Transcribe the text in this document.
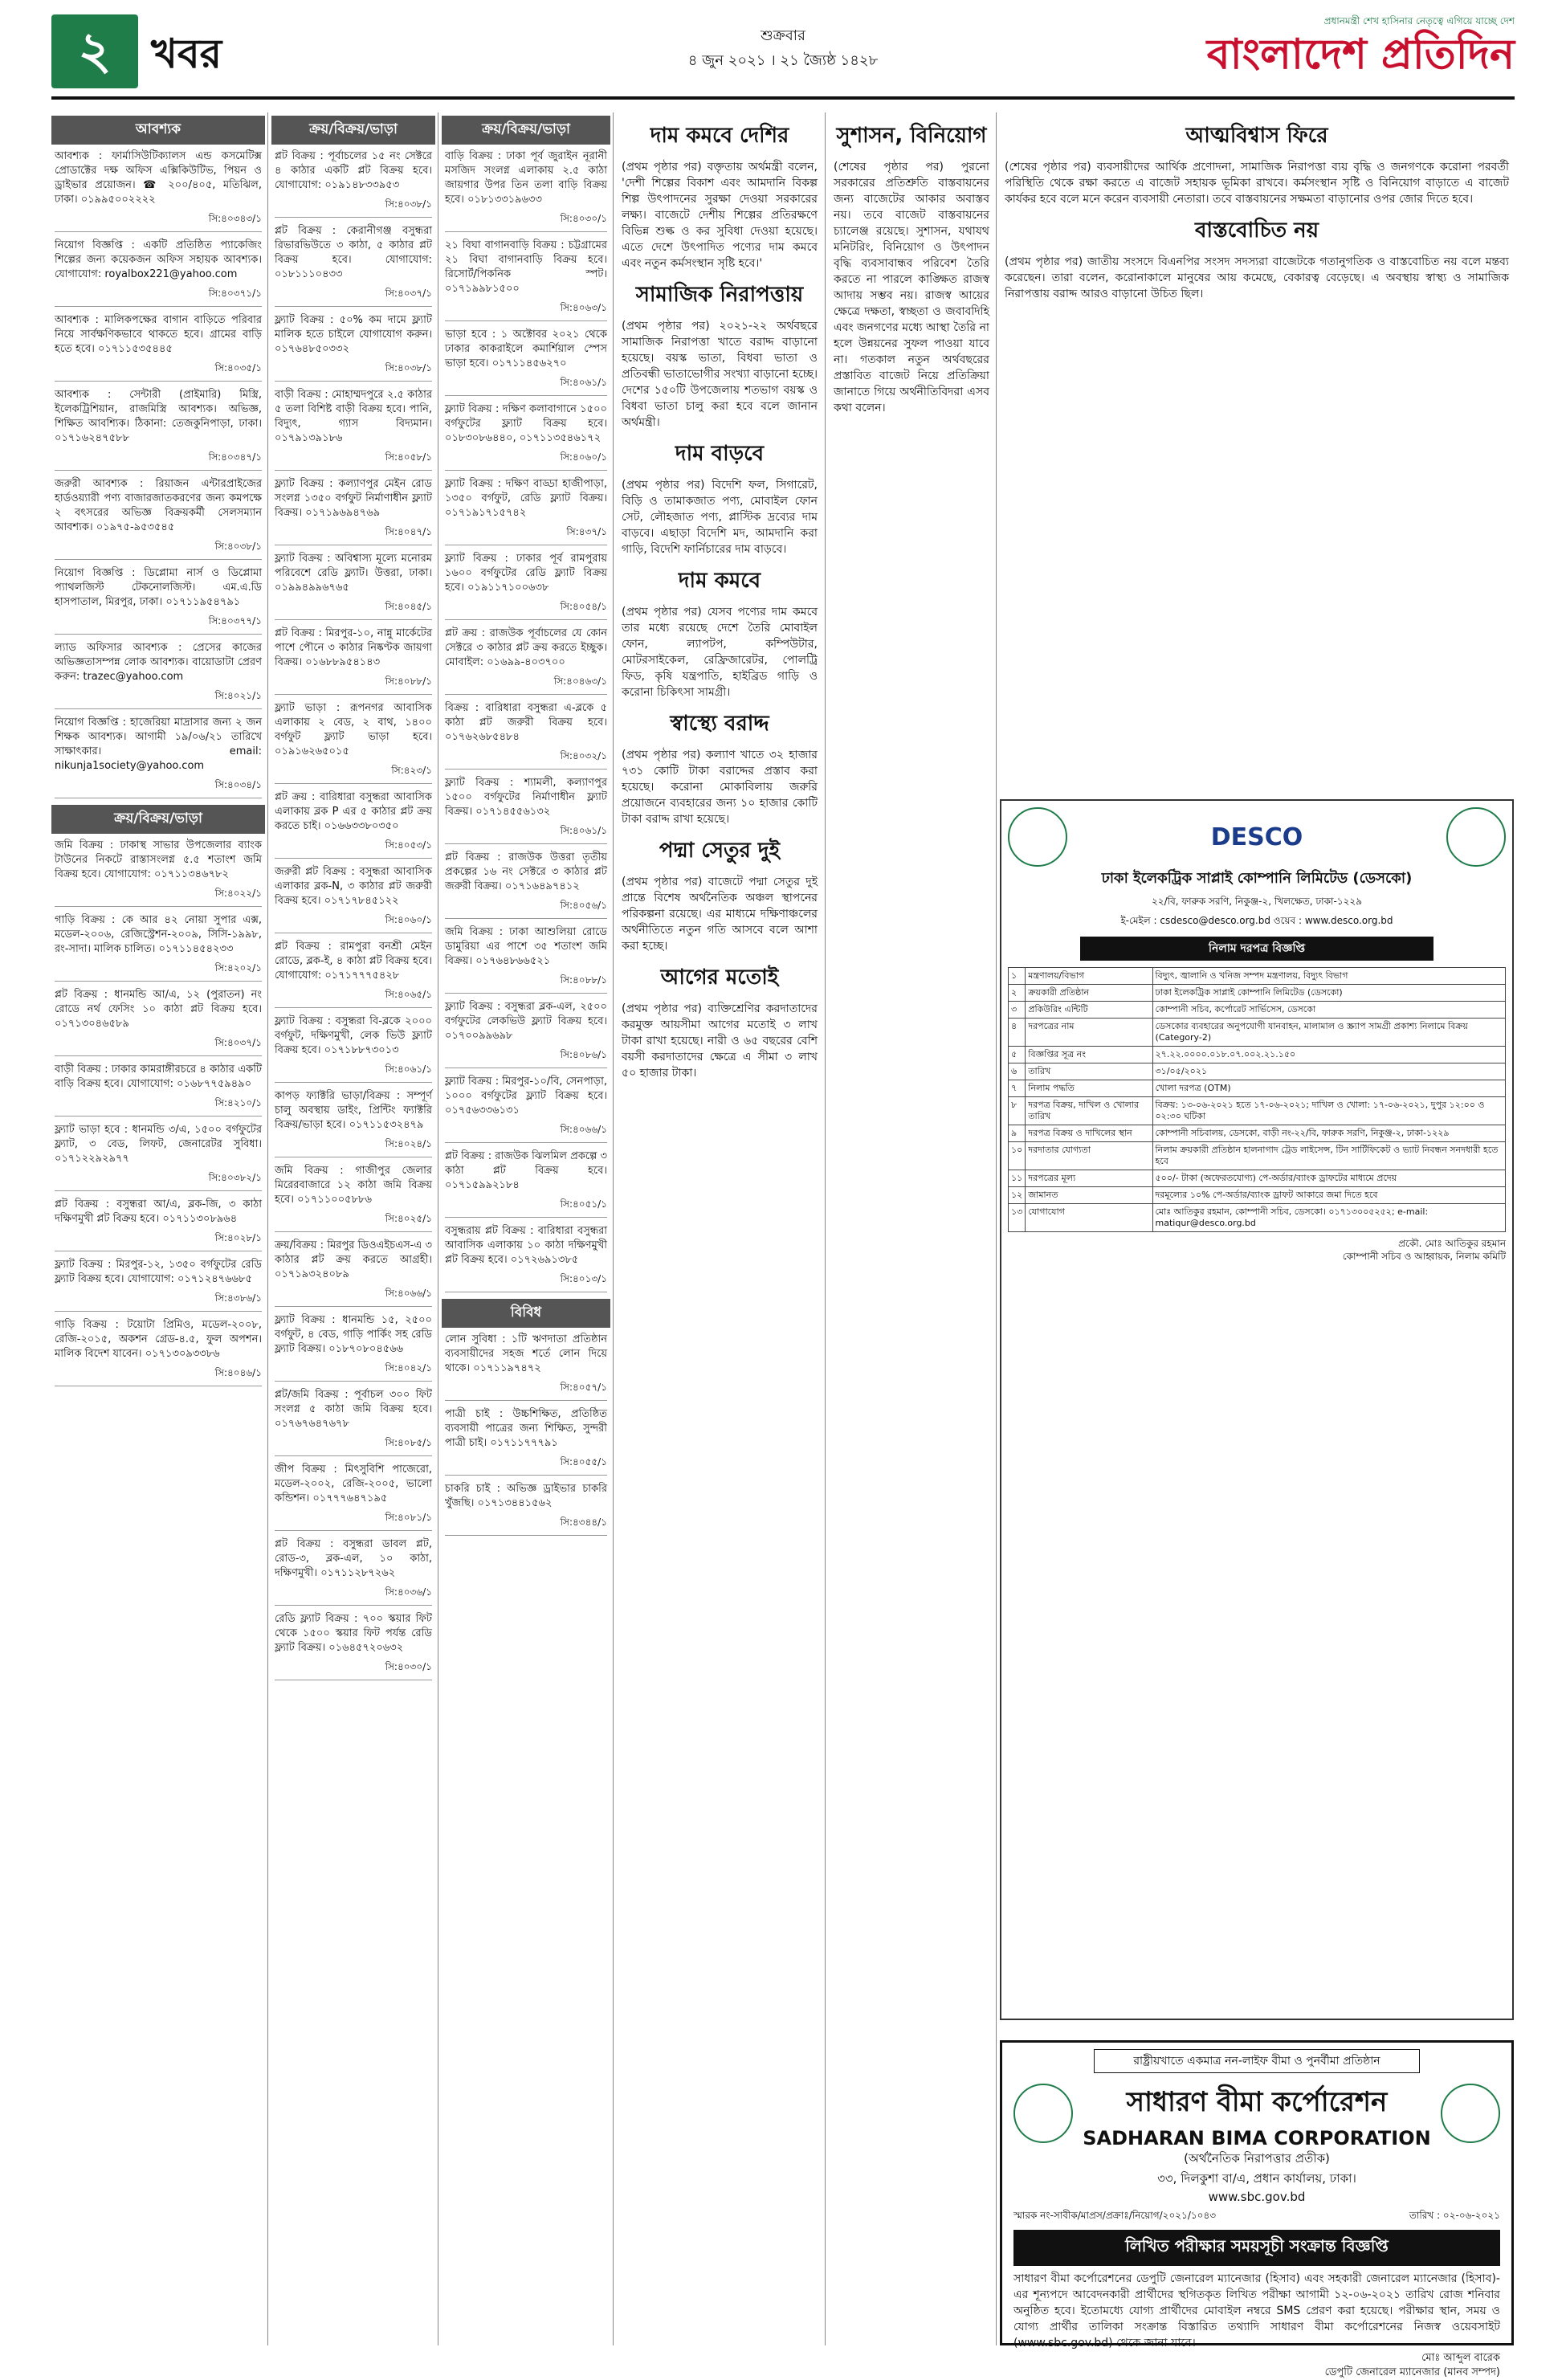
২ খবর	শুক্রবার
৪ জুন ২০২১ । ২১ জ্যৈষ্ঠ ১৪২৮
প্রধানমন্ত্রী শেখ হাসিনার নেতৃত্বে এগিয়ে যাচ্ছে দেশ
বাংলাদেশ প্রতিদিন
আবশ্যক
আবশ্যক : ফার্মাসিউটিক্যালস এন্ড কসমেটিক্স প্রোডাক্টের দক্ষ অফিস এক্সিকিউটিভ, পিয়ন ও ড্রাইভার প্রয়োজন। ☎ ২০০/৪০৫, মতিঝিল, ঢাকা। ০১৯৯৫০০২২২২
সি:৪০৩৪৩/১
নিয়োগ বিজ্ঞপ্তি : একটি প্রতিষ্ঠিত প্যাকেজিং শিল্পের জন্য কয়েকজন অফিস সহায়ক আবশ্যক। যোগাযোগ: royalbox221@yahoo.com
সি:৪০৩৭১/১
আবশ্যক : মালিকপক্ষের বাগান বাড়িতে পরিবার নিয়ে সার্বক্ষণিকভাবে থাকতে হবে। গ্রামের বাড়ি হতে হবে। ০১৭১১৫৩৫৪৪৫
সি:৪০৩৫/১
আবশ্যক : সেন্টারী (প্রাইমারি) মিস্ত্রি, ইলেকট্রিশিয়ান, রাজমিস্ত্রি আবশ্যক। অভিজ্ঞ, শিক্ষিত আবশ্যিক। ঠিকানা: তেজকুনিপাড়া, ঢাকা। ০১৭১৬২৪৭৫৮৮
সি:৪০৩৪৭/১
জরুরী আবশ্যক : রিয়াজন এন্টারপ্রাইজের হার্ডওয়্যারী পণ্য বাজারজাতকরণের জন্য কমপক্ষে ২ বৎসরের অভিজ্ঞ বিক্রয়কর্মী সেলসম্যান আবশ্যক। ০১৯৭৫-৯৫৩৫৪৫
সি:৪০৩৮/১
নিয়োগ বিজ্ঞপ্তি : ডিপ্লোমা নার্স ও ডিপ্লোমা প্যাথলজিস্ট টেকনোলজিস্ট। এম.এ.ডি হাসপাতাল, মিরপুর, ঢাকা। ০১৭১১৯৫৪৭৯১
সি:৪০৩৭৭/১
ল্যাড অফিসার আবশ্যক : প্রেসের কাজের অভিজ্ঞতাসম্পন্ন লোক আবশ্যক। বায়োডাটা প্রেরণ করুন: trazec@yahoo.com
সি:৪০২১/১
নিয়োগ বিজ্ঞপ্তি : হাজেরিয়া মাদ্রাসার জন্য ২ জন শিক্ষক আবশ্যক। আগামী ১৯/০৬/২১ তারিখে সাক্ষাৎকার। email: nikunja1society@yahoo.com
সি:৪০৩৪/১
ক্রয়/বিক্রয়/ভাড়া
জমি বিক্রয় : ঢাকাস্থ সাভার উপজেলার ব্যাংক টাউনের নিকটে রাস্তাসংলগ্ন ৫.৫ শতাংশ জমি বিক্রয় হবে। যোগাযোগ: ০১৭১১৩৪৬৭৮২
সি:৪০২২/১
গাড়ি বিক্রয় : কে আর ৪২ নোয়া সুপার এক্স, মডেল-২০০৬, রেজিস্ট্রেশন-২০০৯, সিসি-১৯৯৮, রং-সাদা। মালিক চালিত। ০১৭১১৪৫৪২৩৩
সি:৪২০২/১
প্লট বিক্রয় : ধানমন্ডি আ/এ, ১২ (পুরাতন) নং রোডে নর্থ ফেসিং ১০ কাঠা প্লট বিক্রয় হবে। ০১৭১৩০৪৬৫৮৯
সি:৪০৩৭/১
বাড়ী বিক্রয় : ঢাকার কামরাঙ্গীরচরে ৪ কাঠার একটি বাড়ি বিক্রয় হবে। যোগাযোগ: ০১৬৮৭৭৫৯৪৯০
সি:৪২১০/১
ফ্ল্যাট ভাড়া হবে : ধানমন্ডি ৩/এ, ১৫০০ বর্গফুটের ফ্ল্যাট, ৩ বেড, লিফট, জেনারেটর সুবিধা। ০১৭১২২৯২৯৭৭
সি:৪০৩৮২/১
প্লট বিক্রয় : বসুন্ধরা আ/এ, ব্লক-জি, ৩ কাঠা দক্ষিণমুখী প্লট বিক্রয় হবে। ০১৭১১৩০৮৯৬৪
সি:৪০২৮/১
ফ্ল্যাট বিক্রয় : মিরপুর-১২, ১৩৫০ বর্গফুটের রেডি ফ্ল্যাট বিক্রয় হবে। যোগাযোগ: ০১৭১২৪৭৬৬৮৫
সি:৪৩৮৬/১
গাড়ি বিক্রয় : টয়োটা প্রিমিও, মডেল-২০০৮, রেজি-২০১৫, অকশন গ্রেড-৪.৫, ফুল অপশন। মালিক বিদেশ যাবেন। ০১৭১৩০৯৩৩৮৬
সি:৪০৪৬/১
ক্রয়/বিক্রয়/ভাড়া
প্লট বিক্রয় : পূর্বাচলের ১৫ নং সেক্টরে ৪ কাঠার একটি প্লট বিক্রয় হবে। যোগাযোগ: ০১৯১৪৮৩৩৯৫৩
সি:৪০৩৮/১
প্লট বিক্রয় : কেরানীগঞ্জ বসুন্ধরা রিভারভিউতে ৩ কাঠা, ৫ কাঠার প্লট বিক্রয় হবে। যোগাযোগ: ০১৮১১১০৪৩৩
সি:৪০৩৭/১
ফ্ল্যাট বিক্রয় : ৫০% কম দামে ফ্ল্যাট মালিক হতে চাইলে যোগাযোগ করুন। ০১৭৬৪৮৫০৩৩২
সি:৪০৩৮/১
বাড়ী বিক্রয় : মোহাম্মদপুরে ২.৫ কাঠার ৫ তলা বিশিষ্ট বাড়ী বিক্রয় হবে। পানি, বিদ্যুৎ, গ্যাস বিদ্যমান। ০১৭৯১৩৯১৮৬
সি:৪০৫৮/১
ফ্ল্যাট বিক্রয় : কল্যাণপুর মেইন রোড সংলগ্ন ১৩৫০ বর্গফুট নির্মাণাধীন ফ্ল্যাট বিক্রয়। ০১৭১৯৬৯৪৭৬৯
সি:৪০৪৭/১
ফ্ল্যাট বিক্রয় : অবিশ্বাস্য মূল্যে মনোরম পরিবেশে রেডি ফ্ল্যাট। উত্তরা, ঢাকা। ০১৯৯৪৯৯৬৭৬৫
সি:৪০৪৫/১
প্লট বিক্রয় : মিরপুর-১০, নান্নু মার্কেটের পাশে পৌনে ৩ কাঠার নিষ্কণ্টক জায়গা বিক্রয়। ০১৬৮৮৯৫৪১৪৩
সি:৪০৮৮/১
ফ্ল্যাট ভাড়া : রূপনগর আবাসিক এলাকায় ২ বেড, ২ বাথ, ১৪০০ বর্গফুট ফ্ল্যাট ভাড়া হবে। ০১৯১৬২৬৫০১৫
সি:৪২৩/১
প্লট ক্রয় : বারিধারা বসুন্ধরা আবাসিক এলাকায় ব্লক P এর ৫ কাঠার প্লট ক্রয় করতে চাই। ০১৬৬৩৩৮০৩৫০
সি:৪০৫৩/১
জরুরী প্লট বিক্রয় : বসুন্ধরা আবাসিক এলাকার ব্লক-N, ৩ কাঠার প্লট জরুরী বিক্রয় হবে। ০১৭১৭৮৪৫১২২
সি:৪০৬০/১
প্লট বিক্রয় : রামপুরা বনশ্রী মেইন রোডে, ব্লক-ই, ৪ কাঠা প্লট বিক্রয় হবে। যোগাযোগ: ০১৭১৭৭৭৫৪২৮
সি:৪০৬৫/১
ফ্ল্যাট বিক্রয় : বসুন্ধরা বি-ব্লকে ২০০০ বর্গফুট, দক্ষিণমুখী, লেক ভিউ ফ্ল্যাট বিক্রয় হবে। ০১৭১৮৮৭৩০১৩
সি:৪০৬১/১
কাপড় ফ্যাক্টরি ভাড়া/বিক্রয় : সম্পূর্ণ চালু অবস্থায় ডাইং, প্রিন্টিং ফ্যাক্টরি বিক্রয়/ভাড়া হবে। ০১৭১১৫৩২৪৭৯
সি:৪০২৪/১
জমি বিক্রয় : গাজীপুর জেলার মিরেরবাজারে ১২ কাঠা জমি বিক্রয় হবে। ০১৭১১০০৫৮৮৬
সি:৪০২৫/১
ক্রয়/বিক্রয় : মিরপুর ডিওএইচএস-এ ৩ কাঠার প্লট ক্রয় করতে আগ্রহী। ০১৭১৯৩২৪০৮৯
সি:৪০৬৬/১
ফ্ল্যাট বিক্রয় : ধানমন্ডি ১৫, ২৫০০ বর্গফুট, ৪ বেড, গাড়ি পার্কিং সহ রেডি ফ্ল্যাট বিক্রয়। ০১৮৭০৮০৪৫৬৬
সি:৪০৪২/১
প্লট/জমি বিক্রয় : পূর্বাচল ৩০০ ফিট সংলগ্ন ৫ কাঠা জমি বিক্রয় হবে। ০১৭৬৭৬৪৭৬৭৮
সি:৪০৮৫/১
জীপ বিক্রয় : মিৎসুবিশি পাজেরো, মডেল-২০০২, রেজি-২০০৫, ভালো কন্ডিশন। ০১৭৭৭৬৪৭১৯৫
সি:৪০৮১/১
প্লট বিক্রয় : বসুন্ধরা ডাবল প্লট, রোড-৩, ব্লক-এল, ১০ কাঠা, দক্ষিণমুখী। ০১৭১১২৮৭২৬২
সি:৪০৩৬/১
রেডি ফ্ল্যাট বিক্রয় : ৭০০ স্কয়ার ফিট থেকে ১৫০০ স্কয়ার ফিট পর্যন্ত রেডি ফ্ল্যাট বিক্রয়। ০১৬৪৫৭২০৬৩২
সি:৪০৩০/১
ক্রয়/বিক্রয়/ভাড়া
বাড়ি বিক্রয় : ঢাকা পূর্ব জুরাইন নূরানী মসজিদ সংলগ্ন এলাকায় ২.৫ কাঠা জায়গার উপর তিন তলা বাড়ি বিক্রয় হবে। ০১৮১৩৩১৯৬৩৩
সি:৪০৩০/১
২১ বিঘা বাগানবাড়ি বিক্রয় : চট্টগ্রামের ২১ বিঘা বাগানবাড়ি বিক্রয় হবে। রিসোর্ট/পিকনিক স্পট। ০১৭১৯৯৮১৫০০
সি:৪০৬৩/১
ভাড়া হবে : ১ অক্টোবর ২০২১ থেকে ঢাকার কাকরাইলে কমার্শিয়াল স্পেস ভাড়া হবে। ০১৭১১৪৫৬২৭০
সি:৪০৬১/১
ফ্ল্যাট বিক্রয় : দক্ষিণ কলাবাগানে ১৫০০ বর্গফুটের ফ্ল্যাট বিক্রয় হবে। ০১৮৩০৮৬৪৪০, ০১৭১১৩৫৪৬১৭২
সি:৪০৬০/১
ফ্ল্যাট বিক্রয় : দক্ষিণ বাড্ডা হাজীপাড়া, ১৩৫০ বর্গফুট, রেডি ফ্ল্যাট বিক্রয়। ০১৭১৯১৭১৫৭৪২
সি:৪৩৭/১
ফ্ল্যাট বিক্রয় : ঢাকার পূর্ব রামপুরায় ১৬০০ বর্গফুটের রেডি ফ্ল্যাট বিক্রয় হবে। ০১৯১১৭১০০৬৩৮
সি:৪০৫৪/১
প্লট ক্রয় : রাজউক পূর্বাচলের যে কোন সেক্টরে ৩ কাঠার প্লট ক্রয় করতে ইচ্ছুক। মোবাইল: ০১৬৯৯-৪০৩৭০০
সি:৪০৪৬৩/১
বিক্রয় : বারিধারা বসুন্ধরা এ-ব্লকে ৫ কাঠা প্লট জরুরী বিক্রয় হবে। ০১৭৬২৬৮৫৪৮৪
সি:৪০৩২/১
ফ্ল্যাট বিক্রয় : শ্যামলী, কল্যাণপুর ১৫০০ বর্গফুটের নির্মাণাধীন ফ্ল্যাট বিক্রয়। ০১৭১৪৫৫৬১৩২
সি:৪০৬১/১
প্লট বিক্রয় : রাজউক উত্তরা তৃতীয় প্রকল্পের ১৬ নং সেক্টরে ৩ কাঠার প্লট জরুরী বিক্রয়। ০১৭১৬৪৯৭৪১২
সি:৪০৫৬/১
জমি বিক্রয় : ঢাকা আশুলিয়া রোডে ডামুরিয়া এর পাশে ৩৫ শতাংশ জমি বিক্রয়। ০১৭৬৪৮৬৬৫২১
সি:৪০৮৮/১
ফ্ল্যাট বিক্রয় : বসুন্ধরা ব্লক-এল, ২৫০০ বর্গফুটের লেকভিউ ফ্ল্যাট বিক্রয় হবে। ০১৭০০৯৯৬৯৮
সি:৪০৮৬/১
ফ্ল্যাট বিক্রয় : মিরপুর-১০/বি, সেনপাড়া, ১০০০ বর্গফুটের ফ্ল্যাট বিক্রয় হবে। ০১৭৫৬৩৩৬১৩১
সি:৪০৬৬/১
প্লট বিক্রয় : রাজউক ঝিলমিল প্রকল্পে ৩ কাঠা প্লট বিক্রয় হবে। ০১৭১৫৯৯২১৮৪
সি:৪০৫১/১
বসুন্ধরায় প্লট বিক্রয় : বারিধারা বসুন্ধরা আবাসিক এলাকায় ১০ কাঠা দক্ষিণমুখী প্লট বিক্রয় হবে। ০১৭২৬৯১৩৮৫
সি:৪০১৩/১
বিবিধ
লোন সুবিধা : ১টি ঋণদাতা প্রতিষ্ঠান ব্যবসায়ীদের সহজ শর্তে লোন দিয়ে থাকে। ০১৭১১৯৭৪৭২
সি:৪০৫৭/১
পাত্রী চাই : উচ্চশিক্ষিত, প্রতিষ্ঠিত ব্যবসায়ী পাত্রের জন্য শিক্ষিত, সুন্দরী পাত্রী চাই। ০১৭১১৭৭৭৯১
সি:৪০৫৫/১
চাকরি চাই : অভিজ্ঞ ড্রাইভার চাকরি খুঁজছি। ০১৭১৩৪৪১৫৬২
সি:৪৩৪৪/১
দাম কমবে দেশির
(প্রথম পৃষ্ঠার পর) বক্তৃতায় অর্থমন্ত্রী বলেন, 'দেশী শিল্পের বিকাশ এবং আমদানি বিকল্প শিল্প উৎপাদনের সুরক্ষা দেওয়া সরকারের লক্ষ্য। বাজেটে দেশীয় শিল্পের প্রতিরক্ষণে বিভিন্ন শুল্ক ও কর সুবিধা দেওয়া হয়েছে। এতে দেশে উৎপাদিত পণ্যের দাম কমবে এবং নতুন কর্মসংস্থান সৃষ্টি হবে।'
সামাজিক নিরাপত্তায়
(প্রথম পৃষ্ঠার পর) ২০২১-২২ অর্থবছরে সামাজিক নিরাপত্তা খাতে বরাদ্দ বাড়ানো হয়েছে। বয়স্ক ভাতা, বিধবা ভাতা ও প্রতিবন্ধী ভাতাভোগীর সংখ্যা বাড়ানো হচ্ছে। দেশের ১৫০টি উপজেলায় শতভাগ বয়স্ক ও বিধবা ভাতা চালু করা হবে বলে জানান অর্থমন্ত্রী।
দাম বাড়বে
(প্রথম পৃষ্ঠার পর) বিদেশি ফল, সিগারেট, বিড়ি ও তামাকজাত পণ্য, মোবাইল ফোন সেট, লৌহজাত পণ্য, প্লাস্টিক দ্রব্যের দাম বাড়বে। এছাড়া বিদেশি মদ, আমদানি করা গাড়ি, বিদেশি ফার্নিচারের দাম বাড়বে।
দাম কমবে
(প্রথম পৃষ্ঠার পর) যেসব পণ্যের দাম কমবে তার মধ্যে রয়েছে দেশে তৈরি মোবাইল ফোন, ল্যাপটপ, কম্পিউটার, মোটরসাইকেল, রেফ্রিজারেটর, পোলট্রি ফিড, কৃষি যন্ত্রপাতি, হাইব্রিড গাড়ি ও করোনা চিকিৎসা সামগ্রী।
স্বাস্থ্যে বরাদ্দ
(প্রথম পৃষ্ঠার পর) কল্যাণ খাতে ৩২ হাজার ৭৩১ কোটি টাকা বরাদ্দের প্রস্তাব করা হয়েছে। করোনা মোকাবিলায় জরুরি প্রয়োজনে ব্যবহারের জন্য ১০ হাজার কোটি টাকা বরাদ্দ রাখা হয়েছে।
পদ্মা সেতুর দুই
(প্রথম পৃষ্ঠার পর) বাজেটে পদ্মা সেতুর দুই প্রান্তে বিশেষ অর্থনৈতিক অঞ্চল স্থাপনের পরিকল্পনা রয়েছে। এর মাধ্যমে দক্ষিণাঞ্চলের অর্থনীতিতে নতুন গতি আসবে বলে আশা করা হচ্ছে।
আগের মতোই
(প্রথম পৃষ্ঠার পর) ব্যক্তিশ্রেণির করদাতাদের করমুক্ত আয়সীমা আগের মতোই ৩ লাখ টাকা রাখা হয়েছে। নারী ও ৬৫ বছরের বেশি বয়সী করদাতাদের ক্ষেত্রে এ সীমা ৩ লাখ ৫০ হাজার টাকা।
সুশাসন, বিনিয়োগ
(শেষের পৃষ্ঠার পর) পুরনো সরকারের প্রতিশ্রুতি বাস্তবায়নের জন্য বাজেটের আকার অবাস্তব নয়। তবে বাজেট বাস্তবায়নের চ্যালেঞ্জ রয়েছে। সুশাসন, যথাযথ মনিটরিং, বিনিয়োগ ও উৎপাদন বৃদ্ধি ব্যবসাবান্ধব পরিবেশ তৈরি করতে না পারলে কাঙ্ক্ষিত রাজস্ব আদায় সম্ভব নয়। রাজস্ব আয়ের ক্ষেত্রে দক্ষতা, স্বচ্ছতা ও জবাবদিহি এবং জনগণের মধ্যে আস্থা তৈরি না হলে উন্নয়নের সুফল পাওয়া যাবে না। গতকাল নতুন অর্থবছরের প্রস্তাবিত বাজেট নিয়ে প্রতিক্রিয়া জানাতে গিয়ে অর্থনীতিবিদরা এসব কথা বলেন।
আত্মবিশ্বাস ফিরে
(শেষের পৃষ্ঠার পর) ব্যবসায়ীদের আর্থিক প্রণোদনা, সামাজিক নিরাপত্তা ব্যয় বৃদ্ধি ও জনগণকে করোনা পরবর্তী পরিস্থিতি থেকে রক্ষা করতে এ বাজেট সহায়ক ভূমিকা রাখবে। কর্মসংস্থান সৃষ্টি ও বিনিয়োগ বাড়াতে এ বাজেট কার্যকর হবে বলে মনে করেন ব্যবসায়ী নেতারা। তবে বাস্তবায়নের সক্ষমতা বাড়ানোর ওপর জোর দিতে হবে।
বাস্তবোচিত নয়
(প্রথম পৃষ্ঠার পর) জাতীয় সংসদে বিএনপির সংসদ সদস্যরা বাজেটকে গতানুগতিক ও বাস্তবোচিত নয় বলে মন্তব্য করেছেন। তারা বলেন, করোনাকালে মানুষের আয় কমেছে, বেকারত্ব বেড়েছে। এ অবস্থায় স্বাস্থ্য ও সামাজিক নিরাপত্তায় বরাদ্দ আরও বাড়ানো উচিত ছিল।
DESCO
ঢাকা ইলেকট্রিক সাপ্লাই কোম্পানি লিমিটেড (ডেসকো)
২২/বি, ফারুক সরণি, নিকুঞ্জ-২, খিলক্ষেত, ঢাকা-১২২৯
ই-মেইল : csdesco@desco.org.bd ওয়েব : www.desco.org.bd
নিলাম দরপত্র বিজ্ঞপ্তি
১	মন্ত্রণালয়/বিভাগ	বিদ্যুৎ, জ্বালানি ও খনিজ সম্পদ মন্ত্রণালয়, বিদ্যুৎ বিভাগ
২	ক্রয়কারী প্রতিষ্ঠান	ঢাকা ইলেকট্রিক সাপ্লাই কোম্পানি লিমিটেড (ডেসকো)
৩	প্রকিউরিং এন্টিটি	কোম্পানী সচিব, কর্পোরেট সার্ভিসেস, ডেসকো
৪	দরপত্রের নাম	ডেসকোর ব্যবহারের অনুপযোগী যানবাহন, মালামাল ও স্ক্র্যাপ সামগ্রী প্রকাশ্য নিলামে বিক্রয় (Category-2)
৫	বিজ্ঞপ্তির সূত্র নং	২৭.২২.০০০০.০১৮.০৭.০০২.২১.১৫০
৬	তারিখ	৩১/০৫/২০২১
৭	নিলাম পদ্ধতি	খোলা দরপত্র (OTM)
৮	দরপত্র বিক্রয়, দাখিল ও খোলার তারিখ	বিক্রয়: ১৩-০৬-২০২১ হতে ১৭-০৬-২০২১; দাখিল ও খোলা: ১৭-০৬-২০২১, দুপুর ১২:০০ ও ০২:৩০ ঘটিকা
৯	দরপত্র বিক্রয় ও দাখিলের স্থান	কোম্পানী সচিবালয়, ডেসকো, বাড়ী নং-২২/বি, ফারুক সরণি, নিকুঞ্জ-২, ঢাকা-১২২৯
১০	দরদাতার যোগ্যতা	নিলাম ক্রয়কারী প্রতিষ্ঠান হালনাগাদ ট্রেড লাইসেন্স, টিন সার্টিফিকেট ও ভ্যাট নিবন্ধন সনদধারী হতে হবে
১১	দরপত্রের মূল্য	৫০০/- টাকা (অফেরতযোগ্য) পে-অর্ডার/ব্যাংক ড্রাফটের মাধ্যমে প্রদেয়
১২	জামানত	দরমূল্যের ১০% পে-অর্ডার/ব্যাংক ড্রাফট আকারে জমা দিতে হবে
১৩	যোগাযোগ	মোঃ আতিকুর রহমান, কোম্পানী সচিব, ডেসকো। ০১৭১৩০০৫২৫২; e-mail: matiqur@desco.org.bd
প্রকৌ. মোঃ আতিকুর রহমান
কোম্পানী সচিব ও আহ্বায়ক, নিলাম কমিটি
রাষ্ট্রীয়খাতে একমাত্র নন-লাইফ বীমা ও পুনর্বীমা প্রতিষ্ঠান
সাধারণ বীমা কর্পোরেশন
SADHARAN BIMA CORPORATION
(অর্থনৈতিক নিরাপত্তার প্রতীক)
৩৩, দিলকুশা বা/এ, প্রধান কার্যালয়, ঢাকা।
www.sbc.gov.bd
স্মারক নং-সাবীক/মাপ্রস/প্রক্রাঃ/নিয়োগ/২০২১/১০৪৩	তারিখ : ০২-০৬-২০২১
লিখিত পরীক্ষার সময়সূচী সংক্রান্ত বিজ্ঞপ্তি
সাধারণ বীমা কর্পোরেশনের ডেপুটি জেনারেল ম্যানেজার (হিসাব) এবং সহকারী জেনারেল ম্যানেজার (হিসাব)-এর শূন্যপদে আবেদনকারী প্রার্থীদের স্থগিতকৃত লিখিত পরীক্ষা আগামী ১২-০৬-২০২১ তারিখ রোজ শনিবার অনুষ্ঠিত হবে। ইতোমধ্যে যোগ্য প্রার্থীদের মোবাইল নম্বরে SMS প্রেরণ করা হয়েছে। পরীক্ষার স্থান, সময় ও যোগ্য প্রার্থীর তালিকা সংক্রান্ত বিস্তারিত তথ্যাদি সাধারণ বীমা কর্পোরেশনের নিজস্ব ওয়েবসাইট (www.sbc.gov.bd) থেকে জানা যাবে।
মোঃ আব্দুল বারেক
ডেপুটি জেনারেল ম্যানেজার (মানব সম্পদ)
